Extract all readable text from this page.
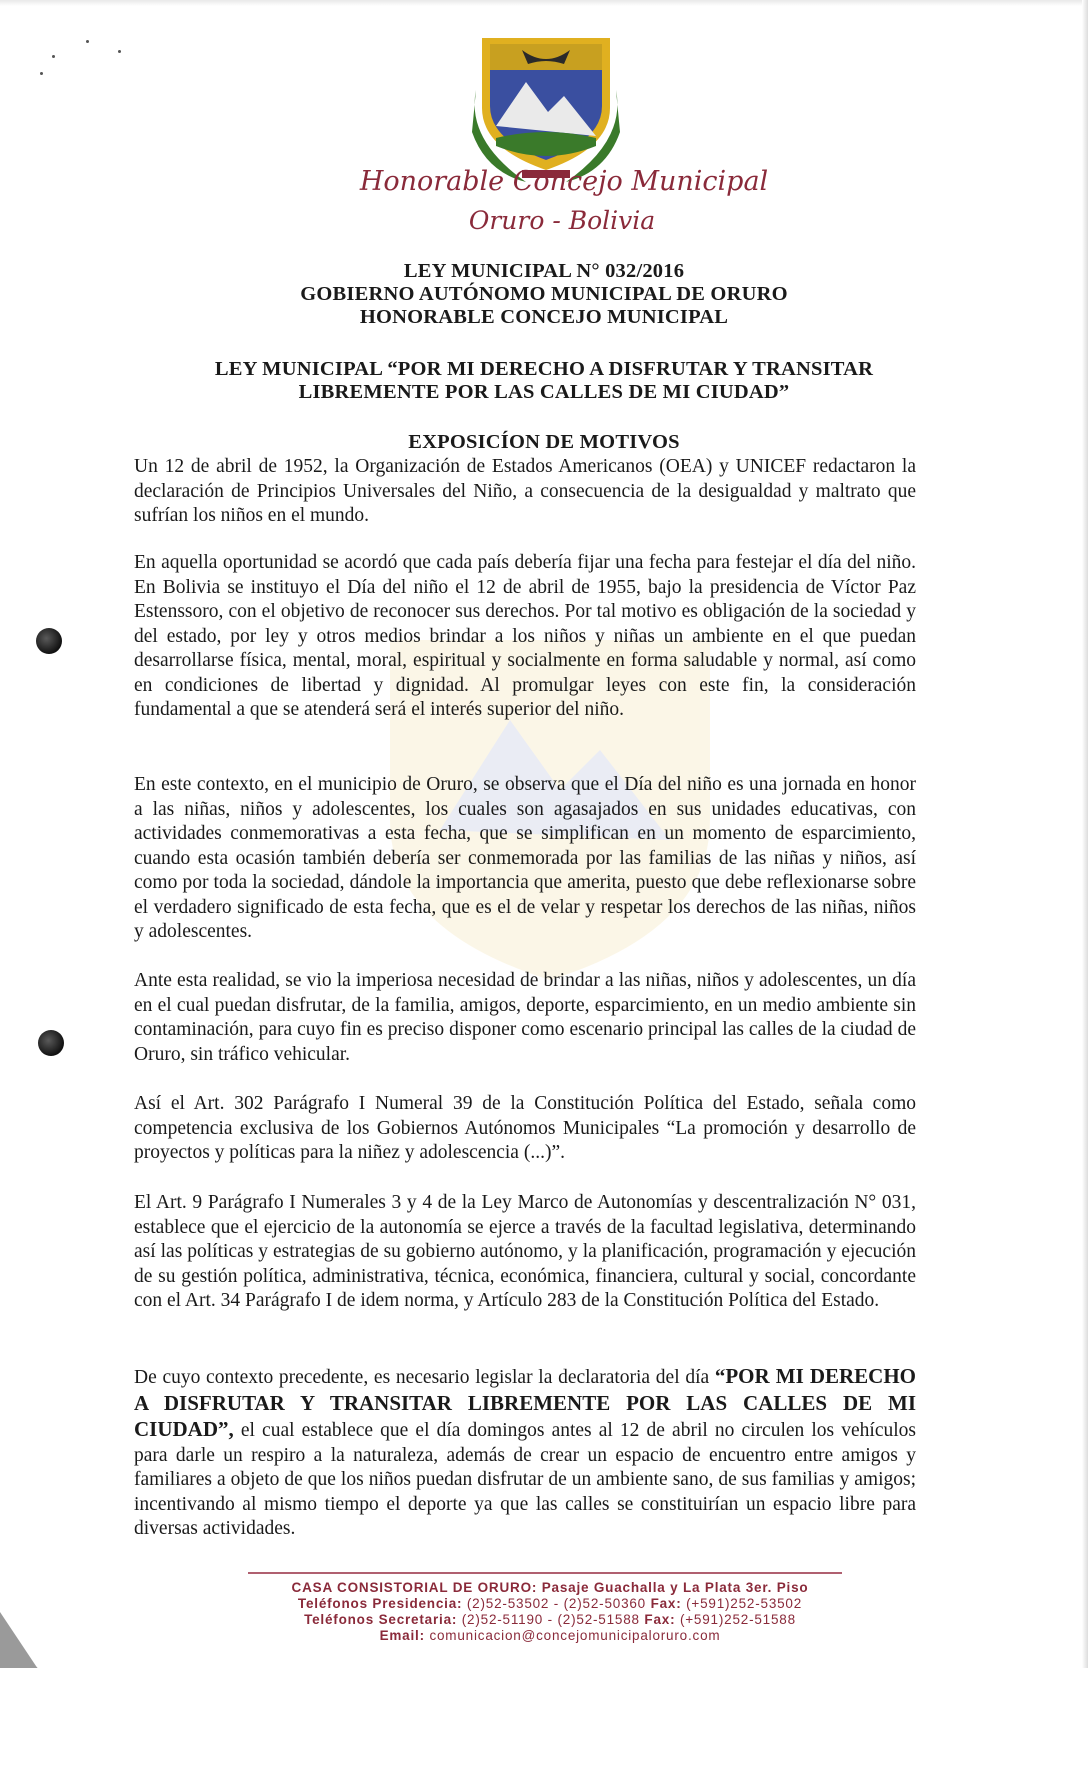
Honorable Concejo Municipal
Oruro - Bolivia
LEY MUNICIPAL N° 032/2016
GOBIERNO AUTÓNOMO MUNICIPAL DE ORURO
HONORABLE CONCEJO MUNICIPAL
LEY MUNICIPAL “POR MI DERECHO A DISFRUTAR Y TRANSITAR
LIBREMENTE POR LAS CALLES DE MI CIUDAD”
EXPOSICÍON DE MOTIVOS

Un 12 de abril de 1952, la Organización de Estados Americanos (OEA) y UNICEF redactaron la declaración de Principios Universales del Niño, a consecuencia de la desigualdad y maltrato que sufrían los niños en el mundo.

En aquella oportunidad se acordó que cada país debería fijar una fecha para festejar el día del niño. En Bolivia se instituyo el Día del niño el 12 de abril de 1955, bajo la presidencia de Víctor Paz Estenssoro, con el objetivo de reconocer sus derechos. Por tal motivo es obligación de la sociedad y del estado, por ley y otros medios brindar a los niños y niñas un ambiente en el que puedan desarrollarse física, mental, moral, espiritual y socialmente en forma saludable y normal, así como en condiciones de libertad y dignidad. Al promulgar leyes con este fin, la consideración fundamental a que se atenderá será el interés superior del niño.

En este contexto, en el municipio de Oruro, se observa que el Día del niño es una jornada en honor a las niñas, niños y adolescentes, los cuales son agasajados en sus unidades educativas, con actividades conmemorativas a esta fecha, que se simplifican en un momento de esparcimiento, cuando esta ocasión también debería ser conmemorada por las familias de las niñas y niños, así como por toda la sociedad, dándole la importancia que amerita, puesto que debe reflexionarse sobre el verdadero significado de esta fecha, que es el de velar y respetar los derechos de las niñas, niños y adolescentes.

Ante esta realidad, se vio la imperiosa necesidad de brindar a las niñas, niños y adolescentes, un día en el cual puedan disfrutar, de la familia, amigos, deporte, esparcimiento, en un medio ambiente sin contaminación, para cuyo fin es preciso disponer como escenario principal las calles de la ciudad de Oruro, sin tráfico vehicular.

Así el Art. 302 Parágrafo I Numeral 39 de la Constitución Política del Estado, señala como competencia exclusiva de los Gobiernos Autónomos Municipales “La promoción y desarrollo de proyectos y políticas para la niñez y adolescencia (...)”.

El Art. 9 Parágrafo I Numerales 3 y 4 de la Ley Marco de Autonomías y descentralización N° 031, establece que el ejercicio de la autonomía se ejerce a través de la facultad legislativa, determinando así las políticas y estrategias de su gobierno autónomo, y la planificación, programación y ejecución de su gestión política, administrativa, técnica, económica, financiera, cultural y social, concordante con el Art. 34 Parágrafo I de idem norma, y Artículo 283 de la Constitución Política del Estado.

De cuyo contexto precedente, es necesario legislar la declaratoria del día “POR MI DERECHO A DISFRUTAR Y TRANSITAR LIBREMENTE POR LAS CALLES DE MI CIUDAD”, el cual establece que el día domingos antes al 12 de abril no circulen los vehículos para darle un respiro a la naturaleza, además de crear un espacio de encuentro entre amigos y familiares a objeto de que los niños puedan disfrutar de un ambiente sano, de sus familias y amigos; incentivando al mismo tiempo el deporte ya que las calles se constituirían un espacio libre para diversas actividades.

CASA CONSISTORIAL DE ORURO: Pasaje Guachalla y La Plata 3er. Piso
Teléfonos Presidencia: (2)52-53502 - (2)52-50360 Fax: (+591)252-53502
Teléfonos Secretaria: (2)52-51190 - (2)52-51588 Fax: (+591)252-51588
Email: comunicacion@concejomunicipaloruro.com
